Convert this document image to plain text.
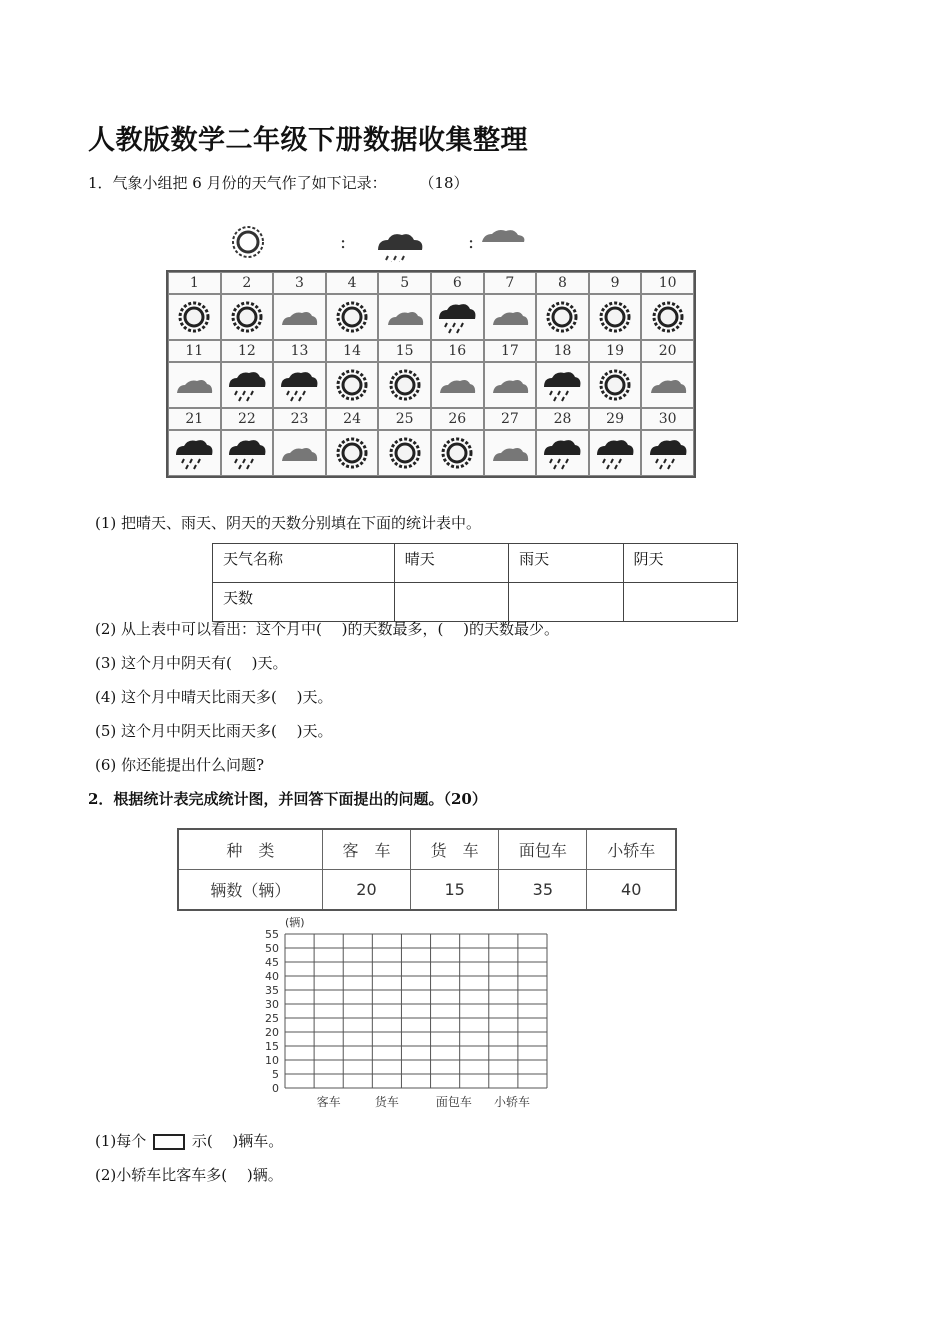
人教版数学二年级下册数据收集整理
1．气象小组把 6 月份的天气作了如下记录： （18）
:	:
1	2	3	4	5	6	7	8	9	10
11 12 13 14 15 16 17 18 19 20
21 22 23 24 25 26 27 28 29 30
(1) 把晴天、雨天、阴天的天数分别填在下面的统计表中。
天气名称	晴天	雨天	阴天
天数			
(2) 从上表中可以看出：这个月中(　 )的天数最多，(　 )的天数最少。
(3) 这个月中阴天有(　 )天。
(4) 这个月中晴天比雨天多(　 )天。
(5) 这个月中阴天比雨天多(　 )天。
(6) 你还能提出什么问题?
2．根据统计表完成统计图，并回答下面提出的问题。（20）
种　类	客　车	货　车	面包车	小轿车
辆数（辆）	20	15	35	40
(辆)
0
5
10
15
20
25
30
35
40
45
50
55
客车	货车	面包车 小轿车
(1)每个	示(　 )辆车。
(2)小轿车比客车多(　 )辆。
